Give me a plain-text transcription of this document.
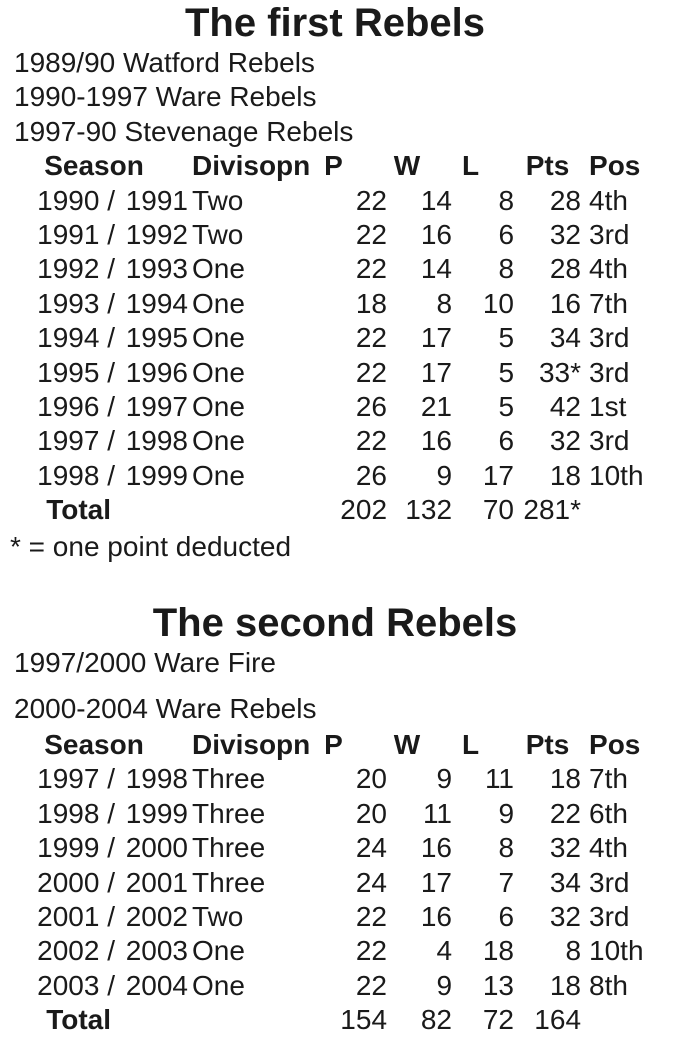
The first Rebels

1989/90 Watford Rebels

1990-1997 Ware Rebels

1997-90 Stevenage Rebels

Season		Divisopn	P	W	L	Pts	Pos
1990 /	1991	Two	22	14	8	28	4th
1991 /	1992	Two	22	16	6	32	3rd
1992 /	1993	One	22	14	8	28	4th
1993 /	1994	One	18	8	10	16	7th
1994 /	1995	One	22	17	5	34	3rd
1995 /	1996	One	22	17	5	33*	3rd
1996 /	1997	One	26	21	5	42	1st
1997 /	1998	One	22	16	6	32	3rd
1998 /	1999	One	26	9	17	18	10th
Total			202	132	70	281*	

* = one point deducted

The second Rebels

1997/2000 Ware Fire

2000-2004 Ware Rebels

Season		Divisopn	P	W	L	Pts	Pos
1997 /	1998	Three	20	9	11	18	7th
1998 /	1999	Three	20	11	9	22	6th
1999 /	2000	Three	24	16	8	32	4th
2000 /	2001	Three	24	17	7	34	3rd
2001 /	2002	Two	22	16	6	32	3rd
2002 /	2003	One	22	4	18	8	10th
2003 /	2004	One	22	9	13	18	8th
Total			154	82	72	164	
